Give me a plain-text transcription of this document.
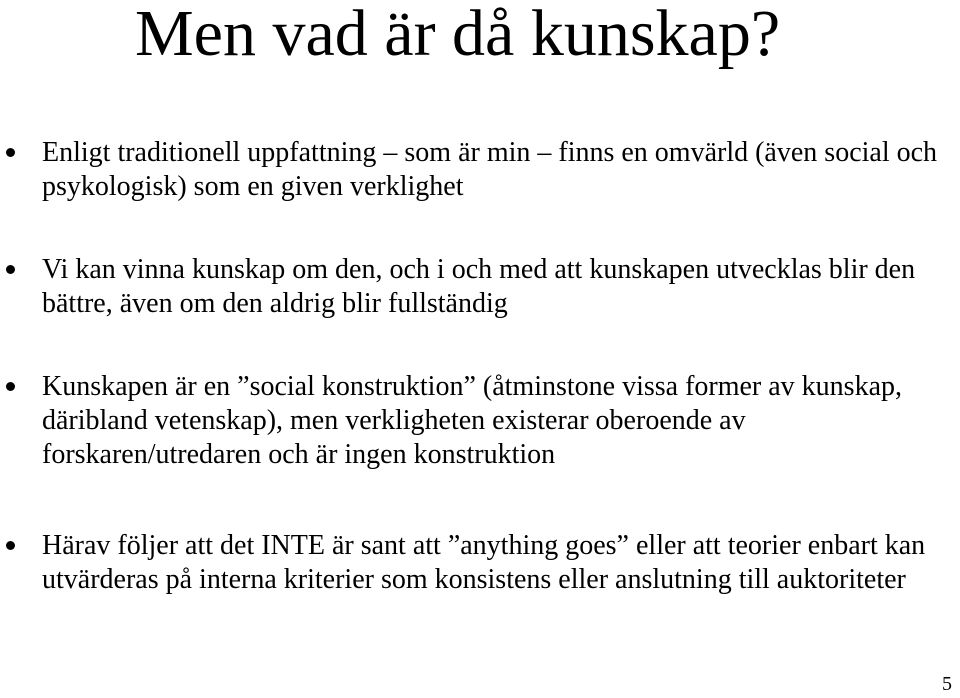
Men vad är då kunskap?

Enligt traditionell uppfattning – som är min – finns en omvärld (även social och psykologisk) som en given verklighet

Vi kan vinna kunskap om den, och i och med att kunskapen utvecklas blir den bättre, även om den aldrig blir fullständig

Kunskapen är en ”social konstruktion” (åtminstone vissa former av kunskap, däribland vetenskap), men verkligheten existerar oberoende av forskaren/utredaren och är ingen konstruktion

Härav följer att det INTE är sant att ”anything goes” eller att teorier enbart kan utvärderas på interna kriterier som konsistens eller anslutning till auktoriteter

5
